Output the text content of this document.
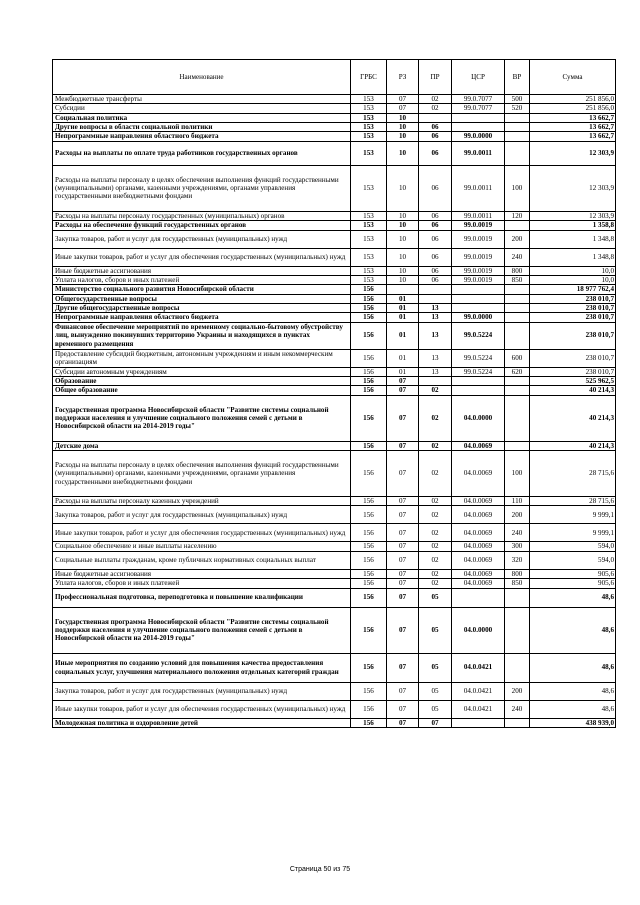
Наименование	ГРБС	РЗ	ПР	ЦСР	ВР	Сумма
Межбюджетные трансферты	153	07	02	99.0.7077	500	251 856,0
Субсидии	153	07	02	99.0.7077	520	251 856,0
Социальная политика	153	10				13 662,7
Другие вопросы в области социальной политики	153	10	06			13 662,7
Непрограммные направления областного бюджета	153	10	06	99.0.0000		13 662,7
Расходы на выплаты по оплате труда работников государственных органов	153	10	06	99.0.0011		12 303,9
Расходы на выплаты персоналу в целях обеспечения выполнения функций государственными (муниципальными) органами, казенными учреждениями, органами управления государственными внебюджетными фондами	153	10	06	99.0.0011	100	12 303,9
Расходы на выплаты персоналу государственных (муниципальных) органов	153	10	06	99.0.0011	120	12 303,9
Расходы на обеспечение функций государственных органов	153	10	06	99.0.0019		1 358,8
Закупка товаров, работ и услуг для государственных (муниципальных) нужд	153	10	06	99.0.0019	200	1 348,8
Иные закупки товаров, работ и услуг для обеспечения государственных (муниципальных) нужд	153	10	06	99.0.0019	240	1 348,8
Иные бюджетные ассигнования	153	10	06	99.0.0019	800	10,0
Уплата налогов, сборов и иных платежей	153	10	06	99.0.0019	850	10,0
Министерство социального развития Новосибирской области	156					18 977 762,4
Общегосударственные вопросы	156	01				238 010,7
Другие общегосударственные вопросы	156	01	13			238 010,7
Непрограммные направления областного бюджета	156	01	13	99.0.0000		238 010,7
Финансовое обеспечение мероприятий по временному социально-бытовому обустройству лиц, вынужденно покинувших территорию Украины и находящихся в пунктах временного размещения	156	01	13	99.0.5224		238 010,7
Предоставление субсидий бюджетным, автономным учреждениям и иным некоммерческим организациям	156	01	13	99.0.5224	600	238 010,7
Субсидии автономным учреждениям	156	01	13	99.0.5224	620	238 010,7
Образование	156	07				525 962,5
Общее образование	156	07	02			40 214,3
Государственная программа Новосибирской области "Развитие системы социальной поддержки населения и улучшение социального положения семей с детьми в Новосибирской области на 2014-2019 годы"	156	07	02	04.0.0000		40 214,3
Детские дома	156	07	02	04.0.0069		40 214,3
Расходы на выплаты персоналу в целях обеспечения выполнения функций государственными (муниципальными) органами, казенными учреждениями, органами управления государственными внебюджетными фондами	156	07	02	04.0.0069	100	28 715,6
Расходы на выплаты персоналу казенных учреждений	156	07	02	04.0.0069	110	28 715,6
Закупка товаров, работ и услуг для государственных (муниципальных) нужд	156	07	02	04.0.0069	200	9 999,1
Иные закупки товаров, работ и услуг для обеспечения государственных (муниципальных) нужд	156	07	02	04.0.0069	240	9 999,1
Социальное обеспечение и иные выплаты населению	156	07	02	04.0.0069	300	594,0
Социальные выплаты гражданам, кроме публичных нормативных социальных выплат	156	07	02	04.0.0069	320	594,0
Иные бюджетные ассигнования	156	07	02	04.0.0069	800	905,6
Уплата налогов, сборов и иных платежей	156	07	02	04.0.0069	850	905,6
Профессиональная подготовка, переподготовка и повышение квалификации	156	07	05			48,6
Государственная программа Новосибирской области "Развитие системы социальной поддержки населения и улучшение социального положения семей с детьми в Новосибирской области на 2014-2019 годы"	156	07	05	04.0.0000		48,6
Иные мероприятия по созданию условий для повышения качества предоставления социальных услуг, улучшения материального положения отдельных категорий граждан	156	07	05	04.0.0421		48,6
Закупка товаров, работ и услуг для государственных (муниципальных) нужд	156	07	05	04.0.0421	200	48,6
Иные закупки товаров, работ и услуг для обеспечения государственных (муниципальных) нужд	156	07	05	04.0.0421	240	48,6
Молодежная политика и оздоровление детей	156	07	07			438 939,0
Страница 50 из 75
